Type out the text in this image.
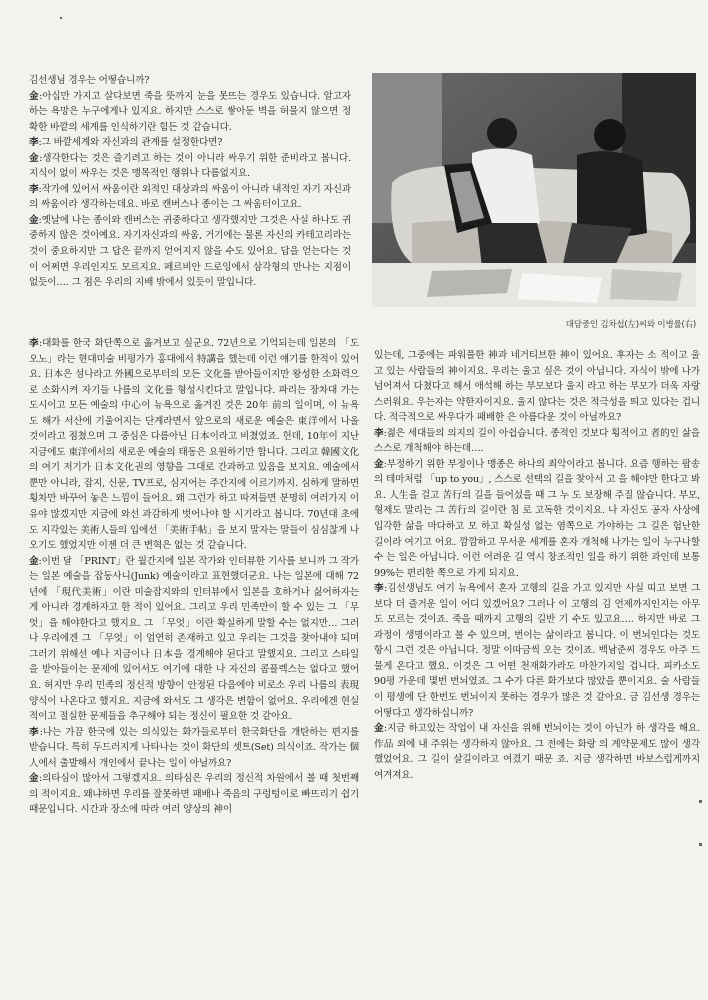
대담중인 김차섭(左)씨와 이병률(右)

김선생님 경우는 어떻습니까?

金:아십만 가지고 살다보면 죽을 뜻까지 눈을 못뜨는 경우도 있습니다. 알고자 하는 욕망은 누구에게나 있지요. 하지만 스스로 쌓아둔 벽을 허물지 않으면 정확한 바깥의 세계를 인식하기란 힘든 것 같습니다.

李:그 바깥세계와 자신과의 관계를 설정한다면?

金:생각한다는 것은 즐기려고 하는 것이 아니라 싸우기 위한 준비라고 봅니다. 지식이 없이 싸우는 것은 맹목적인 행위나 다름없지요.

李:작가에 있어서 싸움이란 외적인 대상과의 싸움이 아니라 내적인 자기 자신과의 싸움이라 생각하는데요. 바로 캔버스나 종이는 그 싸움터이고요.

金:옛날에 나는 종이와 캔버스는 귀중하다고 생각했지만 그것은 사실 하나도 귀중하지 않은 것이예요. 자기자신과의 싸움, 거기에는 물론 자신의 카테고리라는 것이 중요하지만 그 답은 끝까지 얻어지지 않을 수도 있어요. 답을 얻는다는 것이 어쩌면 우리인지도 모르지요. 페르비안 드로잉에서 삼각형의 만나는 지점이 없듯이…. 그 점은 우리의 지배 밖에서 있듯이 말입니다.

李:대화를 한국 화단쪽으로 옮겨보고 싶군요. 72년으로 기억되는데 일본의 「도오노」라는 현대미술 비평가가 홍대에서 特講을 했는데 이런 얘기를 한적이 있어요. 日本은 섬나라고 外國으로부터의 모든 文化를 받아들이지만 왕성한 소화력으로 소화시켜 자기들 나름의 文化를 형성시킨다고 말입니다. 파리는 장차대 가는 도시이고 모든 예술의 中心이 뉴욕으로 옮겨진 것은 20年 前의 일이며, 이 뉴욕도 해가 서산에 기울어지는 단계라면서 앞으로의 새로운 예술은 東洋에서 나올 것이라고 점쳤으며 그 중심은 다름아닌 日本이라고 비쳤었죠. 헌데, 10年이 지난 지금에도 東洋에서의 새로운 예술의 태동은 요원하기만 합니다. 그리고 韓國文化의 여기 저기가 日本文化권의 영향을 그대로 간과하고 있음을 보지요. 예술에서 뿐만 아니라, 잡지, 신문, TV프로, 심지어는 주간지에 이르기까지. 심하게 말하면 횡차만 바꾸어 놓은 느낌이 들어요. 왜 그런가 하고 따져들면 분명히 여러가지 이유야 많겠지만 지금에 와선 과감하게 벗어나야 할 시기라고 봅니다. 70년대 초에도 지각있는 美術人들의 입에선 「美術手帖」을 보지 말자는 말들이 심심찮게 나오기도 했었지만 이젠 더 큰 변혁은 없는 것 같습니다.

金:이번 달 「PRINT」란 월간지에 일본 작가와 인터뷰한 기사를 보니까 그 작가는 일본 예술을 잡동사니(Junk) 예술이라고 표현했더군요. 나는 일본에 대해 72년에 「現代美術」이란 미술잡지와의 인터뷰에서 일본을 호하거나 싫어하자는 게 아니라 경계하자고 한 적이 있어요. 그리고 우리 민족만이 할 수 있는 그 「무엇」을 해야한다고 했지요. 그 「무엇」이란 확실하게 말할 수는 없지만… 그러나 우리에겐 그 「무엇」이 엄연히 존재하고 있고 우리는 그것을 찾아내야 되며 그러기 위해선 예나 지금이나 日本을 경계해야 된다고 말했지요. 그리고 스타일을 받아들이는 문제에 있어서도 여기에 대한 나 자신의 콤플렉스는 없다고 했어요. 허지만 우리 민족의 정신적 방향이 안정된 다음에야 비로소 우리 나름의 表現양식이 나온다고 했지요. 지금에 와서도 그 생각은 변함이 없어요. 우리에겐 현실적이고 절실한 문제들을 추구해야 되는 정신이 필요한 것 같아요.

李:나는 가끔 한국에 있는 의식있는 화가들로부터 한국화단을 개탄하는 편지를 받습니다. 특히 두드러지게 나타나는 것이 화단의 셋트(Set) 의식이죠. 작가는 個人에서 출발해서 개인에서 끝나는 일이 아닐까요?

金:의타심이 많아서 그렇겠지요. 의타심은 우리의 정신적 차원에서 볼 때 첫번째의 적이지요. 왜냐하면 우리를 잘못하면 패배나 죽음의 구렁텅이로 빠뜨리기 쉽기 때문입니다. 시간과 장소에 따라 여러 양상의 神이

있는데, 그중에는 파워풀한 神과 네거티브한 神이 있어요. 후자는 소 적이고 울고 있는 사람들의 神이지요. 우리는 울고 싶은 것이 아닙니다. 자식이 밖에 나가 넘어져서 다쳤다고 해서 애석해 하는 부모보다 울지 라고 하는 부모가 더욱 자랑스러워요. 우는자는 약한자이지요. 울지 않다는 것은 적극성을 띄고 있다는 겁니다. 적극적으로 싸우다가 패배한 은 아름다운 것이 아닐까요?

李:젊은 세대들의 의지의 길이 아쉽습니다. 종적인 것보다 횡적이고 者的인 삶을 스스로 개척해야 하는데….

金:부정하기 위한 부정이나 맹종은 하나의 죄악이라고 봅니다. 요즘 행하는 팝송의 테마처럼 「up to you」, 스스로 선택의 길을 찾아서 고 을 해야만 한다고 봐요. 人生을 걸고 苦行의 길을 들어섰을 때 그 누 도 보장해 주질 않습니다. 부모, 형제도 말리는 그 苦行의 길이란 침 로 고독한 것이지요. 나 자신도 공자 사상에 입각한 삶을 마다하고 모 하고 확실성 없는 염쪽으로 가야하는 그 길은 험난한 길이라 여기고 어요. 깜깜하고 무서운 세계를 혼자 개척해 나가는 일이 누구나할 수 는 일은 아닙니다. 이런 어려운 길 역시 창조적인 일을 하기 위한 과인데 보통 99%는 편리한 쪽으로 가게 되지요.

李:김선생님도 여기 뉴욕에서 혼자 고행의 길을 가고 있지만 사실 띠고 보면 그보다 더 즐거운 일이 어디 있겠어요? 그러나 이 고행의 김 언제까지인지는 아무도 모르는 것이죠. 죽을 때까지 고행의 길반 기 수도 있고요…. 하지만 바로 그 과정이 생명이라고 볼 수 있으며, 번이는 삶이라고 봅니다. 이 번뇌인다는 것도 항시 그런 것은 아닙니다. 정말 이따금씩 오는 것이죠. 백남준씨 경우도 아주 드물게 온다고 했요. 이것은 그 어떤 천재화가라도 마찬가지일 겁니다. 피카소도 90평 가운데 몇번 번뇌였죠. 그 수가 다른 화가보다 많았을 뿐이지요. 술 사람들이 평생에 단 한번도 번뇌이지 못하는 경우가 많은 것 같아요. 금 김선생 경우는 어떻다고 생각하십니까?

金:지금 하고있는 작업이 내 자신을 위해 번뇌이는 것이 아닌가 하 생각을 해요. 作品 외에 내 주위는 생각하지 않아요. 그 전에는 화랑 의 계약문제도 많이 생각했었어요. 그 길이 살길이라고 여겼기 때문 죠. 지금 생각하면 바보스럽게까지 여겨져요.
